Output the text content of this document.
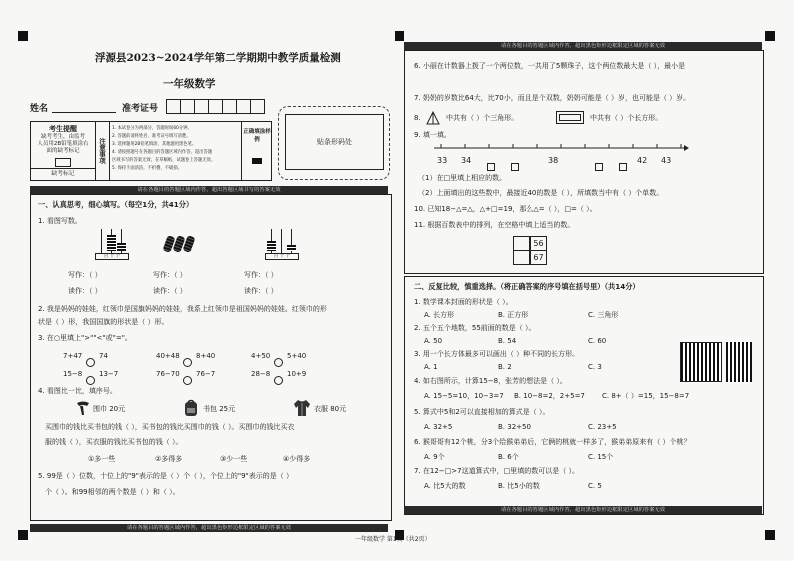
浮源县2023~2024学年第二学期期中教学质量检测
一年级数学
姓名	准考证号
考生提醒
缺考考生，由监考
人员用2B铅笔填涂右
面的缺考标记
缺考标记
注意事项
1. 本试卷分为两部分，答题时间60分钟。
2. 答题前请将姓名、准考证号填写清楚。
3. 选择题用2B铅笔填涂，其他题用黑色笔。
4. 请按照题号在各题目的答题区域内作答，超出答题
区域书写的答案无效；在草稿纸、试题卷上答题无效。
5. 保持卡面清洁，不折叠、不破损。
正确填涂样例	贴条形码处
请在各题目的答题区域内作答，超出答题区域书写的答案无效
一、认真思考，细心填写。（每空1分，共41分）
1. 看图写数。
百 十 个	百 十 个
写作：（ ）
读作：（ ）
写作：（ ）
读作：（ ）
写作：（ ）
读作：（ ）
2. 我是妈妈的娃娃，红领巾是国旗妈妈的娃娃，我系上红领巾是祖国妈妈的娃娃。红领巾的形
状是（ ）形，我国国旗的形状是（ ）形。
3. 在○里填上">""<"或"="。
7+47 74	40+48 8+40	4+50 5+40
15−8 13−7	76−70 76−7	28−8 10+9
4. 看图比一比，填序号。
围巾 20元	书包 25元	衣服 80元
买围巾的钱比买书包的钱（ ），买书包的钱比买围巾的钱（ ）。买围巾的钱比买衣
服的钱（ ），买衣服的钱比买书包的钱（ ）。
①多一些	②多得多	③少一些	④少得多
5. 99是（ ）位数，十位上的"9"表示的是（ ）个（ ），个位上的"9"表示的是（ ）
个（ ）。和99相邻的两个数是（ ）和（ ）。
请在各题目的答题区域内作答，超出黑色矩形边框限定区域的答案无效
请在各题目的答题区域内作答，超出黑色矩形边框限定区域的答案无效
6. 小丽在计数器上拨了一个两位数，一共用了5颗珠子，这个两位数最大是（ ），最小是
7. 奶奶的岁数比64大，比70小，而且是个双数，奶奶可能是（ ）岁，也可能是（ ）岁。
8.	中共有（ ）个三角形。	中共有（ ）个长方形。
9. 填一填。
33 34	38	42 43
（1）在□里填上相应的数。
（2）上面填出的这些数中，最接近40的数是（ ），所填数当中有（ ）个单数。
10. 已知18−△=△，△+□=19，那么△=（ ），□=（ ）。
11. 根据百数表中的排列，在空格中填上适当的数。
56
67
二、反复比较，慎重选择。（将正确答案的序号填在括号里）（共14分）
1. 数学课本封面的形状是（ ）。
A. 长方形	B. 正方形	C. 三角形
2. 五个五个地数，55前面的数是（ ）。
A. 50	B. 54	C. 60
3. 用一个长方体最多可以画出（ ）种不同的长方形。
A. 1	B. 2	C. 3
4. 如右图所示，计算15−8，张芳的想法是（ ）。
A. 15−5=10，10−3=7 B. 10−8=2，2+5=7 C. 8+（ ）=15，15−8=7
5. 算式中5和2可以直接相加的算式是（ ）。
A. 32+5	B. 32+50	C. 23+5
6. 猴哥哥有12个桃，分3个给猴弟弟后，它俩的桃就一样多了，猴弟弟原来有（ ）个桃？
A. 9个	B. 6个	C. 15个
7. 在12−□>7这道算式中，□里填的数可以是（ ）。
A. 比5大的数	B. 比5小的数	C. 5
请在各题目的答题区域内作答，超出黑色矩形边框限定区域的答案无效
一年级数学 第1页（共2页）
